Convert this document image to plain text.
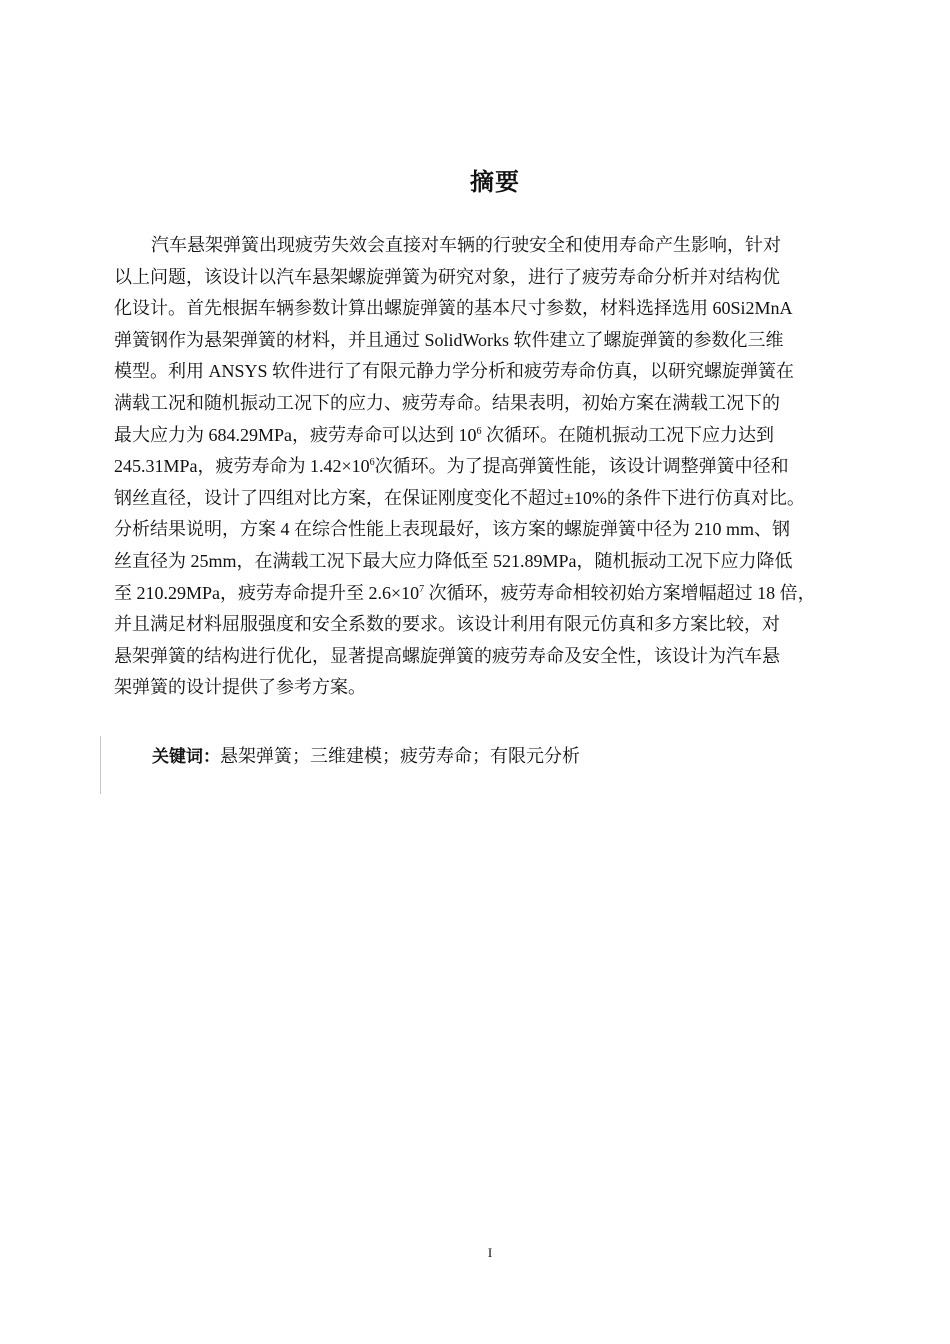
摘要
汽车悬架弹簧出现疲劳失效会直接对车辆的行驶安全和使用寿命产生影响，针对
以上问题，该设计以汽车悬架螺旋弹簧为研究对象，进行了疲劳寿命分析并对结构优
化设计。首先根据车辆参数计算出螺旋弹簧的基本尺寸参数，材料选择选用 60Si2MnA
弹簧钢作为悬架弹簧的材料，并且通过 SolidWorks 软件建立了螺旋弹簧的参数化三维
模型。利用 ANSYS 软件进行了有限元静力学分析和疲劳寿命仿真，以研究螺旋弹簧在
满载工况和随机振动工况下的应力、疲劳寿命。结果表明，初始方案在满载工况下的
最大应力为 684.29MPa，疲劳寿命可以达到 $10^6$ 次循环。在随机振动工况下应力达到
245.31MPa，疲劳寿命为 $1.42\times 10^6$次循环。为了提高弹簧性能，该设计调整弹簧中径和
钢丝直径，设计了四组对比方案，在保证刚度变化不超过±10%的条件下进行仿真对比。
分析结果说明，方案 4 在综合性能上表现最好，该方案的螺旋弹簧中径为 210 mm、钢
丝直径为 25mm，在满载工况下最大应力降低至 521.89MPa，随机振动工况下应力降低
至 210.29MPa，疲劳寿命提升至 $2.6\times 10^7$ 次循环，疲劳寿命相较初始方案增幅超过 18 倍，
并且满足材料屈服强度和安全系数的要求。该设计利用有限元仿真和多方案比较，对
悬架弹簧的结构进行优化，显著提高螺旋弹簧的疲劳寿命及安全性，该设计为汽车悬
架弹簧的设计提供了参考方案。
关键词：悬架弹簧；三维建模；疲劳寿命；有限元分析
I
